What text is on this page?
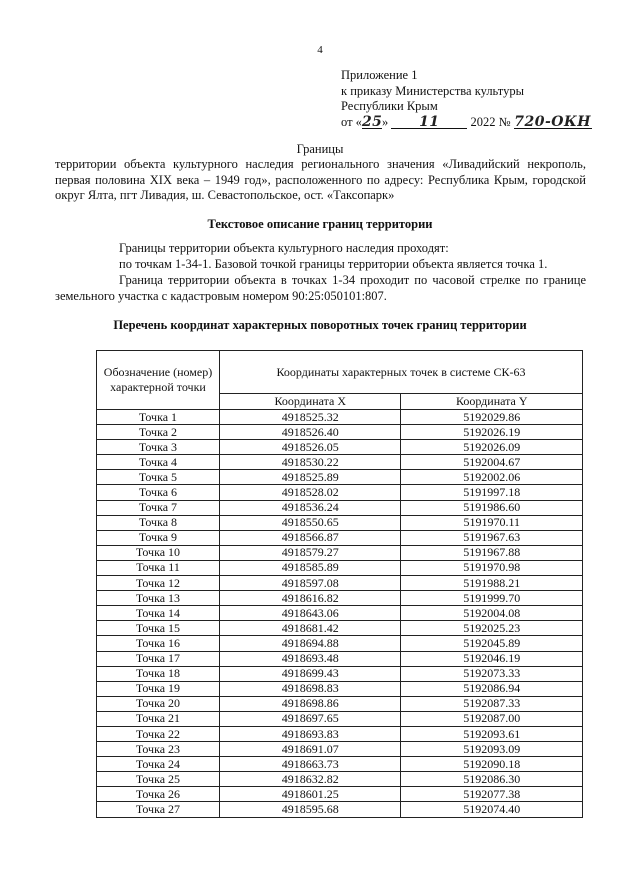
4
Приложение 1
к приказу Министерства культуры
Республики Крым
от «25» 11 2022 № 720-ОКН
Границы
территории объекта культурного наследия регионального значения «Ливадийский некрополь, первая половина XIX века – 1949 год», расположенного по адресу: Республика Крым, городской округ Ялта, пгт Ливадия, ш. Севастопольское, ост. «Таксопарк»
Текстовое описание границ территории
Границы территории объекта культурного наследия проходят:
по точкам 1-34-1. Базовой точкой границы территории объекта является точка 1.
Граница территории объекта в точках 1-34 проходит по часовой стрелке по границе земельного участка с кадастровым номером 90:25:050101:807.
Перечень координат характерных поворотных точек границ территории
Обозначение (номер) характерной точки	Координаты характерных точек в системе СК-63	
	Координата X	Координата Y
Точка 1	4918525.32	5192029.86
Точка 2	4918526.40	5192026.19
Точка 3	4918526.05	5192026.09
Точка 4	4918530.22	5192004.67
Точка 5	4918525.89	5192002.06
Точка 6	4918528.02	5191997.18
Точка 7	4918536.24	5191986.60
Точка 8	4918550.65	5191970.11
Точка 9	4918566.87	5191967.63
Точка 10	4918579.27	5191967.88
Точка 11	4918585.89	5191970.98
Точка 12	4918597.08	5191988.21
Точка 13	4918616.82	5191999.70
Точка 14	4918643.06	5192004.08
Точка 15	4918681.42	5192025.23
Точка 16	4918694.88	5192045.89
Точка 17	4918693.48	5192046.19
Точка 18	4918699.43	5192073.33
Точка 19	4918698.83	5192086.94
Точка 20	4918698.86	5192087.33
Точка 21	4918697.65	5192087.00
Точка 22	4918693.83	5192093.61
Точка 23	4918691.07	5192093.09
Точка 24	4918663.73	5192090.18
Точка 25	4918632.82	5192086.30
Точка 26	4918601.25	5192077.38
Точка 27	4918595.68	5192074.40
